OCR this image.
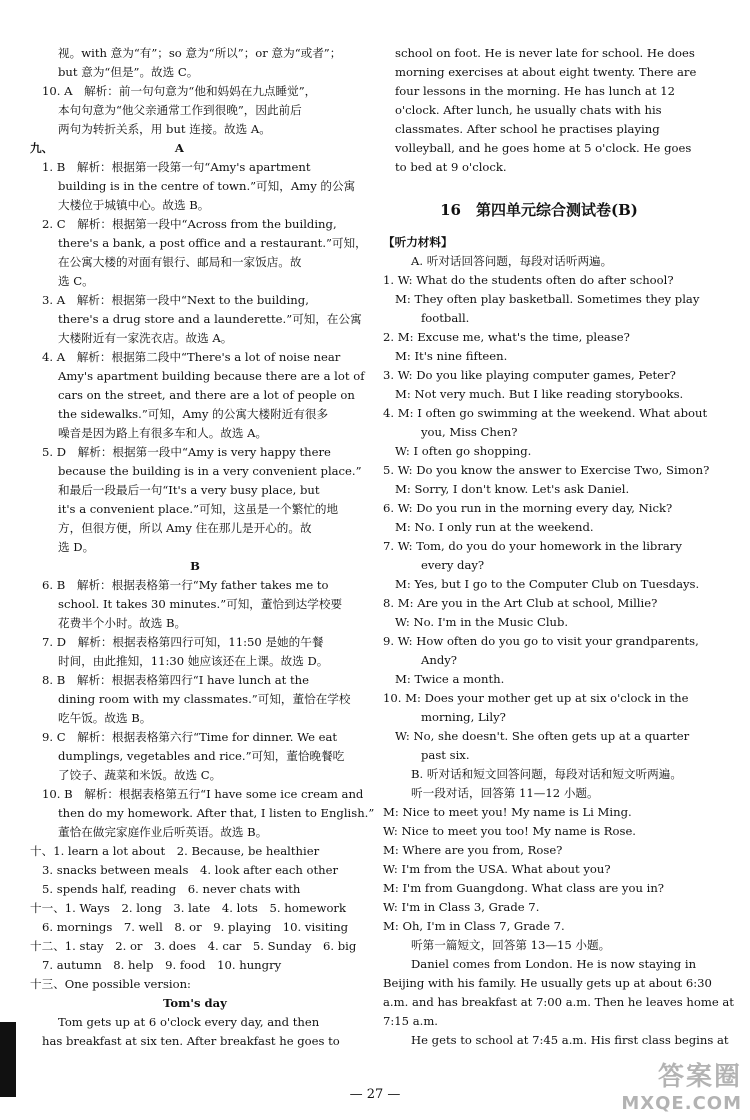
视。with 意为“有”；so 意为“所以”；or 意为“或者”；
but 意为“但是”。故选 C。
10. A　解析：前一句句意为“他和妈妈在九点睡觉”，
本句句意为“他父亲通常工作到很晚”，因此前后
两句为转折关系，用 but 连接。故选 A。
九、　　　　　　　　　　　A
1. B　解析：根据第一段第一句“Amy's apartment
building is in the centre of town.”可知，Amy 的公寓
大楼位于城镇中心。故选 B。
2. C　解析：根据第一段中“Across from the building,
there's a bank, a post office and a restaurant.”可知，
在公寓大楼的对面有银行、邮局和一家饭店。故
选 C。
3. A　解析：根据第一段中“Next to the building,
there's a drug store and a launderette.”可知，在公寓
大楼附近有一家洗衣店。故选 A。
4. A　解析：根据第二段中“There's a lot of noise near
Amy's apartment building because there are a lot of
cars on the street, and there are a lot of people on
the sidewalks.”可知，Amy 的公寓大楼附近有很多
噪音是因为路上有很多车和人。故选 A。
5. D　解析：根据第一段中“Amy is very happy there
because the building is in a very convenient place.”
和最后一段最后一句“It's a very busy place, but
it's a convenient place.”可知，这虽是一个繁忙的地
方，但很方便，所以 Amy 住在那儿是开心的。故
选 D。
B
6. B　解析：根据表格第一行“My father takes me to
school. It takes 30 minutes.”可知，董恰到达学校要
花费半个小时。故选 B。
7. D　解析：根据表格第四行可知，11:50 是她的午餐
时间，由此推知，11:30 她应该还在上课。故选 D。
8. B　解析：根据表格第四行“I have lunch at the
dining room with my classmates.”可知，董恰在学校
吃午饭。故选 B。
9. C　解析：根据表格第六行“Time for dinner. We eat
dumplings, vegetables and rice.”可知，董恰晚餐吃
了饺子、蔬菜和米饭。故选 C。
10. B　解析：根据表格第五行“I have some ice cream and
then do my homework. After that, I listen to English.”
董恰在做完家庭作业后听英语。故选 B。
十、1. learn a lot about　2. Because, be healthier
3. snacks between meals　4. look after each other
5. spends half, reading　6. never chats with
十一、1. Ways　2. long　3. late　4. lots　5. homework
6. mornings　7. well　8. or　9. playing　10. visiting
十二、1. stay　2. or　3. does　4. car　5. Sunday　6. big
7. autumn　8. help　9. food　10. hungry
十三、One possible version:
Tom's day
Tom gets up at 6 o'clock every day, and then
has breakfast at six ten. After breakfast he goes to
school on foot. He is never late for school. He does
morning exercises at about eight twenty. There are
four lessons in the morning. He has lunch at 12
o'clock. After lunch, he usually chats with his
classmates. After school he practises playing
volleyball, and he goes home at 5 o'clock. He goes
to bed at 9 o'clock.
16　第四单元综合测试卷(B)
【听力材料】
A. 听对话回答问题，每段对话听两遍。
1. W: What do the students often do after school?
M: They often play basketball. Sometimes they play
football.
2. M: Excuse me, what's the time, please?
M: It's nine fifteen.
3. W: Do you like playing computer games, Peter?
M: Not very much. But I like reading storybooks.
4. M: I often go swimming at the weekend. What about
you, Miss Chen?
W: I often go shopping.
5. W: Do you know the answer to Exercise Two, Simon?
M: Sorry, I don't know. Let's ask Daniel.
6. W: Do you run in the morning every day, Nick?
M: No. I only run at the weekend.
7. W: Tom, do you do your homework in the library
every day?
M: Yes, but I go to the Computer Club on Tuesdays.
8. M: Are you in the Art Club at school, Millie?
W: No. I'm in the Music Club.
9. W: How often do you go to visit your grandparents,
Andy?
M: Twice a month.
10. M: Does your mother get up at six o'clock in the
morning, Lily?
W: No, she doesn't. She often gets up at a quarter
past six.
B. 听对话和短文回答问题，每段对话和短文听两遍。
听一段对话，回答第 11—12 小题。
M: Nice to meet you! My name is Li Ming.
W: Nice to meet you too! My name is Rose.
M: Where are you from, Rose?
W: I'm from the USA. What about you?
M: I'm from Guangdong. What class are you in?
W: I'm in Class 3, Grade 7.
M: Oh, I'm in Class 7, Grade 7.
听第一篇短文，回答第 13—15 小题。
Daniel comes from London. He is now staying in
Beijing with his family. He usually gets up at about 6:30
a.m. and has breakfast at 7:00 a.m. Then he leaves home at
7:15 a.m.
He gets to school at 7:45 a.m. His first class begins at
— 27 —
答案圈
MXQE.COM
